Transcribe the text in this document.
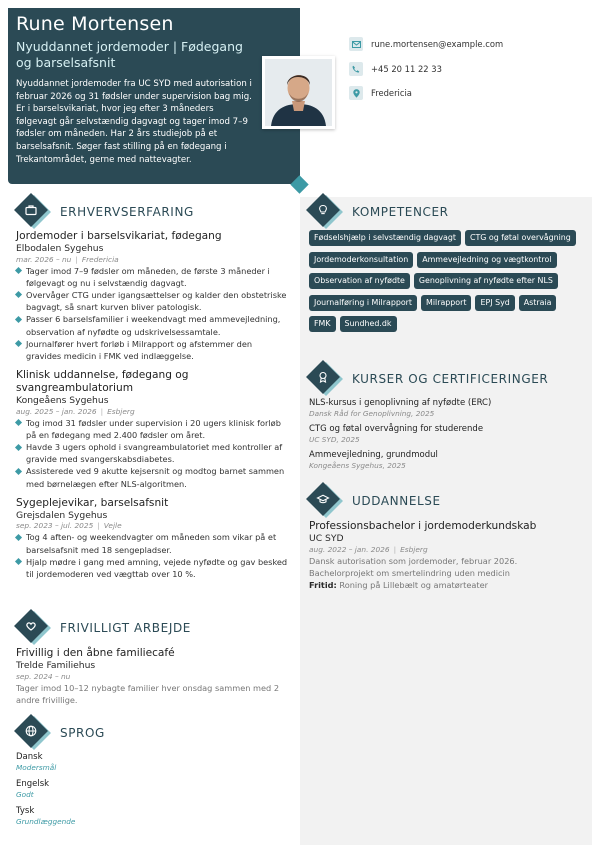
Rune Mortensen
Nyuddannet jordemoder | Fødegang og barselsafsnit
Nyuddannet jordemoder fra UC SYD med autorisation i februar 2026 og 31 fødsler under supervision bag mig. Er i barselsvikariat, hvor jeg efter 3 måneders følgevagt går selvstændig dagvagt og tager imod 7–9 fødsler om måneden. Har 2 års studiejob på et barselsafsnit. Søger fast stilling på en fødegang i Trekantområdet, gerne med nattevagter.
rune.mortensen@example.com
+45 20 11 22 33
Fredericia
ERHVERVSERFARING
Jordemoder i barselsvikariat, fødegang
Elbodalen Sygehus
mar. 2026 – nu | Fredericia
Tager imod 7–9 fødsler om måneden, de første 3 måneder i følgevagt og nu i selvstændig dagvagt.
Overvåger CTG under igangsættelser og kalder den obstetriske bagvagt, så snart kurven bliver patologisk.
Passer 6 barselsfamilier i weekendvagt med ammevejledning, observation af nyfødte og udskrivelsessamtale.
Journalfører hvert forløb i Milrapport og afstemmer den gravides medicin i FMK ved indlæggelse.
Klinisk uddannelse, fødegang og svangreambulatorium
Kongeåens Sygehus
aug. 2025 – jan. 2026 | Esbjerg
Tog imod 31 fødsler under supervision i 20 ugers klinisk forløb på en fødegang med 2.400 fødsler om året.
Havde 3 ugers ophold i svangreambulatoriet med kontroller af gravide med svangerskabsdiabetes.
Assisterede ved 9 akutte kejsersnit og modtog barnet sammen med børnelægen efter NLS-algoritmen.
Sygeplejevikar, barselsafsnit
Grejsdalen Sygehus
sep. 2023 – jul. 2025 | Vejle
Tog 4 aften- og weekendvagter om måneden som vikar på et barselsafsnit med 18 sengepladser.
Hjalp mødre i gang med amning, vejede nyfødte og gav besked til jordemoderen ved vægttab over 10 %.
FRIVILLIGT ARBEJDE
Frivillig i den åbne familiecafé
Trelde Familiehus
sep. 2024 – nu
Tager imod 10–12 nybagte familier hver onsdag sammen med 2 andre frivillige.
SPROG
Dansk
Modersmål
Engelsk
Godt
Tysk
Grundlæggende
KOMPETENCER
Fødselshjælp i selvstændig dagvagt	CTG og føtal overvågning
Jordemoderkonsultation	Ammevejledning og vægtkontrol
Observation af nyfødte	Genoplivning af nyfødte efter NLS
Journalføring i Milrapport	Milrapport	EPJ Syd	Astraia
FMK	Sundhed.dk
KURSER OG CERTIFICERINGER
NLS-kursus i genoplivning af nyfødte (ERC)
Dansk Råd for Genoplivning, 2025
CTG og føtal overvågning for studerende
UC SYD, 2025
Ammevejledning, grundmodul
Kongeåens Sygehus, 2025
UDDANNELSE
Professionsbachelor i jordemoderkundskab
UC SYD
aug. 2022 – jan. 2026 | Esbjerg
Dansk autorisation som jordemoder, februar 2026.
Bachelorprojekt om smertelindring uden medicin
Fritid: Roning på Lillebælt og amatørteater
